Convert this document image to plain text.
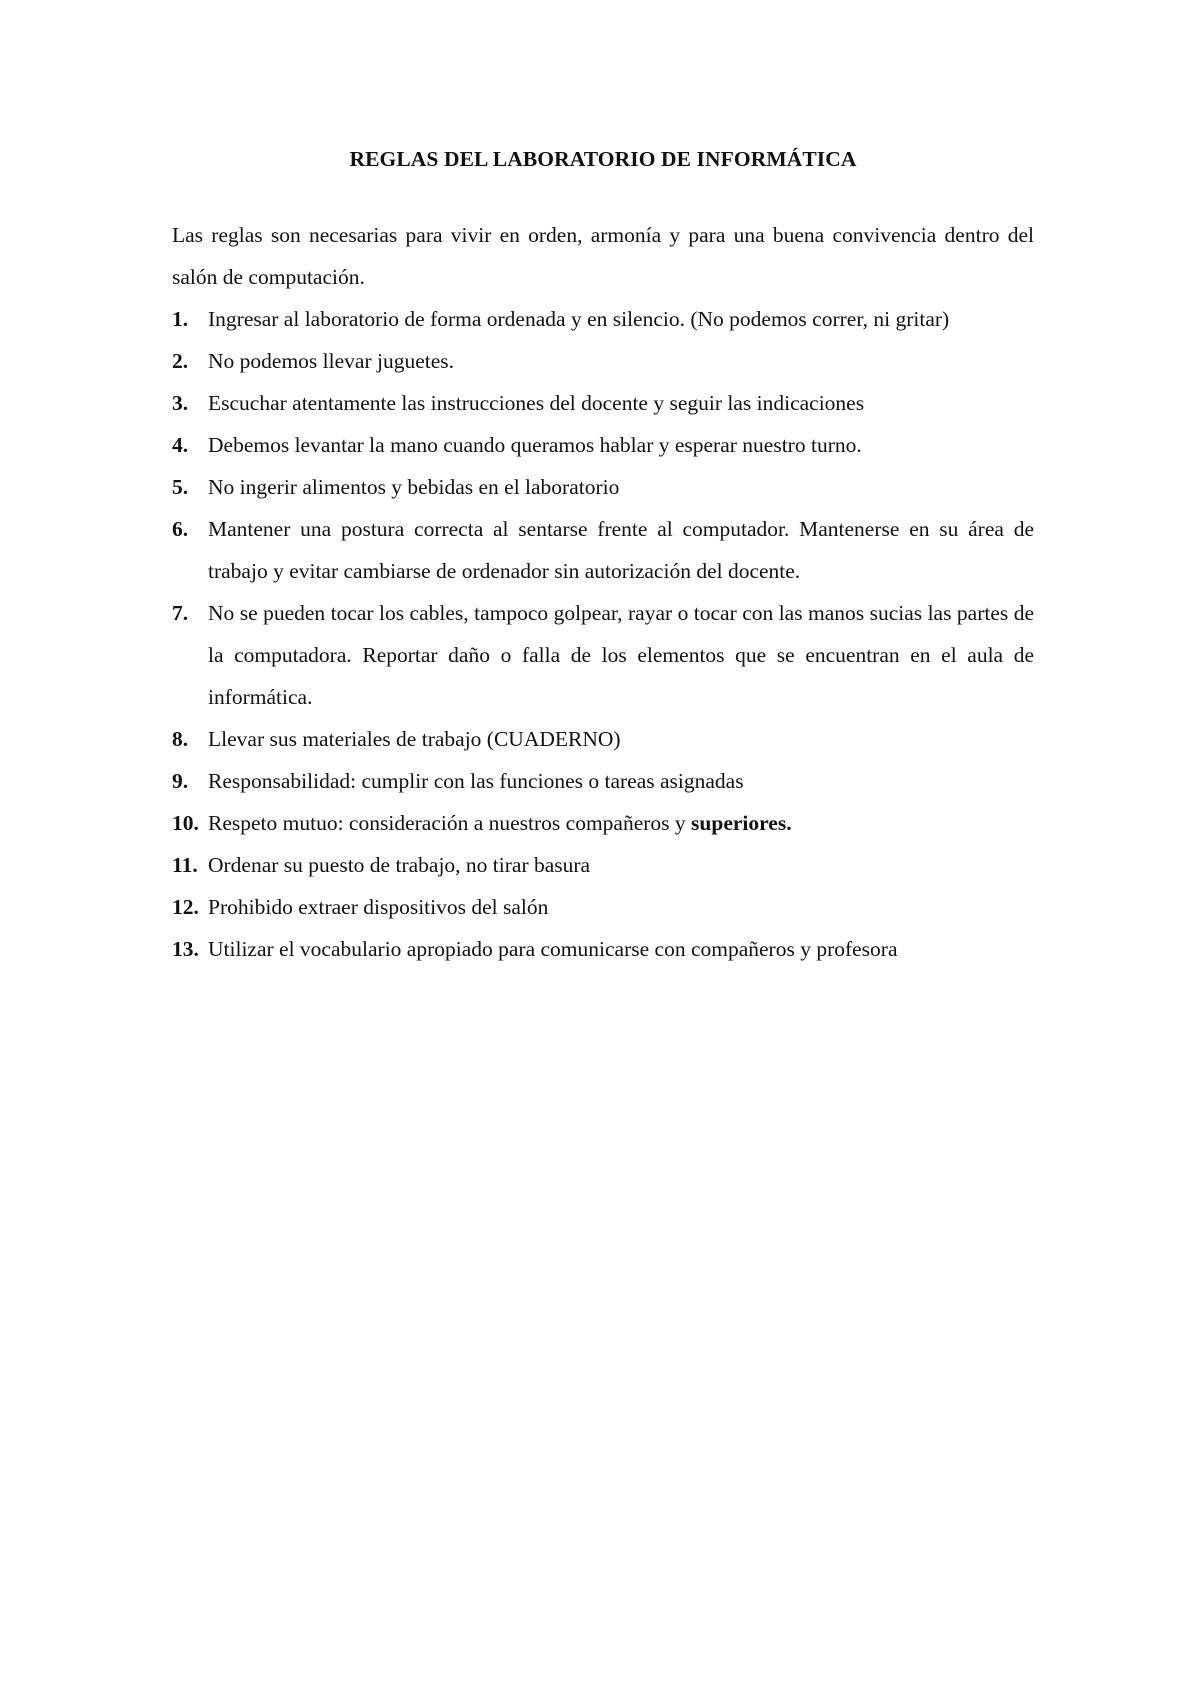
REGLAS DEL LABORATORIO DE INFORMÁTICA

Las reglas son necesarias para vivir en orden, armonía y para una buena convivencia dentro del salón de computación.

1. Ingresar al laboratorio de forma ordenada y en silencio. (No podemos correr, ni gritar)
2. No podemos llevar juguetes.
3. Escuchar atentamente las instrucciones del docente y seguir las indicaciones
4. Debemos levantar la mano cuando queramos hablar y esperar nuestro turno.
5. No ingerir alimentos y bebidas en el laboratorio
6. Mantener una postura correcta al sentarse frente al computador. Mantenerse en su área de trabajo y evitar cambiarse de ordenador sin autorización del docente.
7. No se pueden tocar los cables, tampoco golpear, rayar o tocar con las manos sucias las partes de la computadora. Reportar daño o falla de los elementos que se encuentran en el aula de informática.
8. Llevar sus materiales de trabajo (CUADERNO)
9. Responsabilidad: cumplir con las funciones o tareas asignadas
10. Respeto mutuo: consideración a nuestros compañeros y superiores.
11. Ordenar su puesto de trabajo, no tirar basura
12. Prohibido extraer dispositivos del salón
13. Utilizar el vocabulario apropiado para comunicarse con compañeros y profesora
